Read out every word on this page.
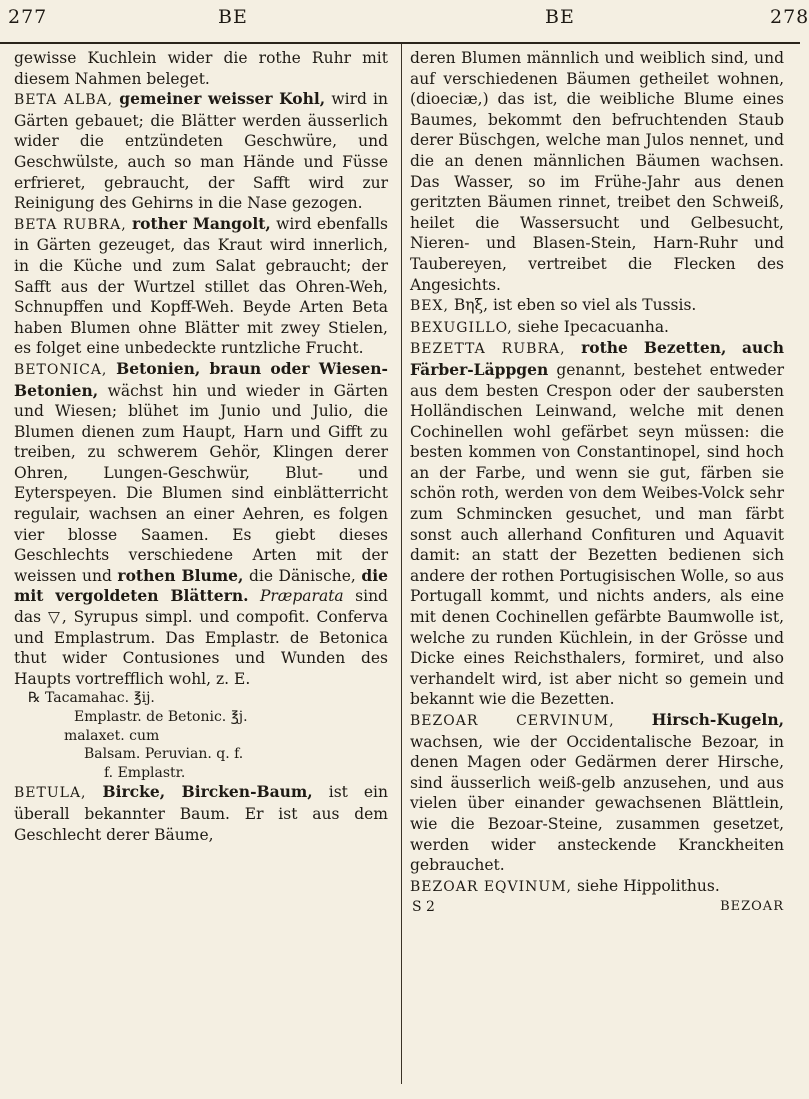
277	BE	BE	278

gewisse Kuchlein wider die rothe Ruhr mit diesem Nahmen beleget.

BETA ALBA, gemeiner weisser Kohl, wird in Gärten gebauet; die Blätter werden äusserlich wider die entzündeten Geschwüre, und Geschwülste, auch so man Hände und Füsse erfrieret, gebraucht, der Safft wird zur Reinigung des Gehirns in die Nase gezogen.

BETA RUBRA, rother Mangolt, wird ebenfalls in Gärten gezeuget, das Kraut wird innerlich, in die Küche und zum Salat gebraucht; der Safft aus der Wurtzel stillet das Ohren-Weh, Schnupffen und Kopff-Weh. Beyde Arten Beta haben Blumen ohne Blätter mit zwey Stielen, es folget eine unbedeckte runtzliche Frucht.

BETONICA, Betonien, braun oder Wiesen-Betonien, wächst hin und wieder in Gärten und Wiesen; blühet im Junio und Julio, die Blumen dienen zum Haupt, Harn und Gifft zu treiben, zu schwerem Gehör, Klingen derer Ohren, Lungen-Geschwür, Blut- und Eyterspeyen. Die Blumen sind einblätterricht regulair, wachsen an einer Aehren, es folgen vier blosse Saamen. Es giebt dieses Geschlechts verschiedene Arten mit der weissen und rothen Blume, die Dänische, die mit vergoldeten Blättern. Præparata sind das ▽, Syrupus simpl. und compofit. Conferva und Emplastrum. Das Emplastr. de Betonica thut wider Contusiones und Wunden des Haupts vortrefflich wohl, z. E.

℞ Tacamahac. ℥ij.

Emplastr. de Betonic. ℥j.

malaxet. cum

Balsam. Peruvian. q. f.

f. Emplastr.

BETULA, Bircke, Bircken-Baum, ist ein überall bekannter Baum. Er ist aus dem Geschlecht derer Bäume,

deren Blumen männlich und weiblich sind, und auf verschiedenen Bäumen getheilet wohnen, (dioeciæ,) das ist, die weibliche Blume eines Baumes, bekommt den befruchtenden Staub derer Büschgen, welche man Julos nennet, und die an denen männlichen Bäumen wachsen. Das Wasser, so im Frühe-Jahr aus denen geritzten Bäumen rinnet, treibet den Schweiß, heilet die Wassersucht und Gelbesucht, Nieren- und Blasen-Stein, Harn-Ruhr und Taubereyen, vertreibet die Flecken des Angesichts.

BEX, Bηξ, ist eben so viel als Tussis.

BEXUGILLO, siehe Ipecacuanha.

BEZETTA RUBRA, rothe Bezetten, auch Färber-Läppgen genannt, bestehet entweder aus dem besten Crespon oder der saubersten Holländischen Leinwand, welche mit denen Cochinellen wohl gefärbet seyn müssen: die besten kommen von Constantinopel, sind hoch an der Farbe, und wenn sie gut, färben sie schön roth, werden von dem Weibes-Volck sehr zum Schmincken gesuchet, und man färbt sonst auch allerhand Confituren und Aquavit damit: an statt der Bezetten bedienen sich andere der rothen Portugisischen Wolle, so aus Portugall kommt, und nichts anders, als eine mit denen Cochinellen gefärbte Baumwolle ist, welche zu runden Küchlein, in der Grösse und Dicke eines Reichsthalers, formiret, und also verhandelt wird, ist aber nicht so gemein und bekannt wie die Bezetten.

BEZOAR CERVINUM, Hirsch-Kugeln, wachsen, wie der Occidentalische Bezoar, in denen Magen oder Gedärmen derer Hirsche, sind äusserlich weiß-gelb anzusehen, und aus vielen über einander gewachsenen Blättlein, wie die Bezoar-Steine, zusammen gesetzet, werden wider ansteckende Kranckheiten gebrauchet.

BEZOAR EQVINUM, siehe Hippolithus.

S 2	BEZOAR
